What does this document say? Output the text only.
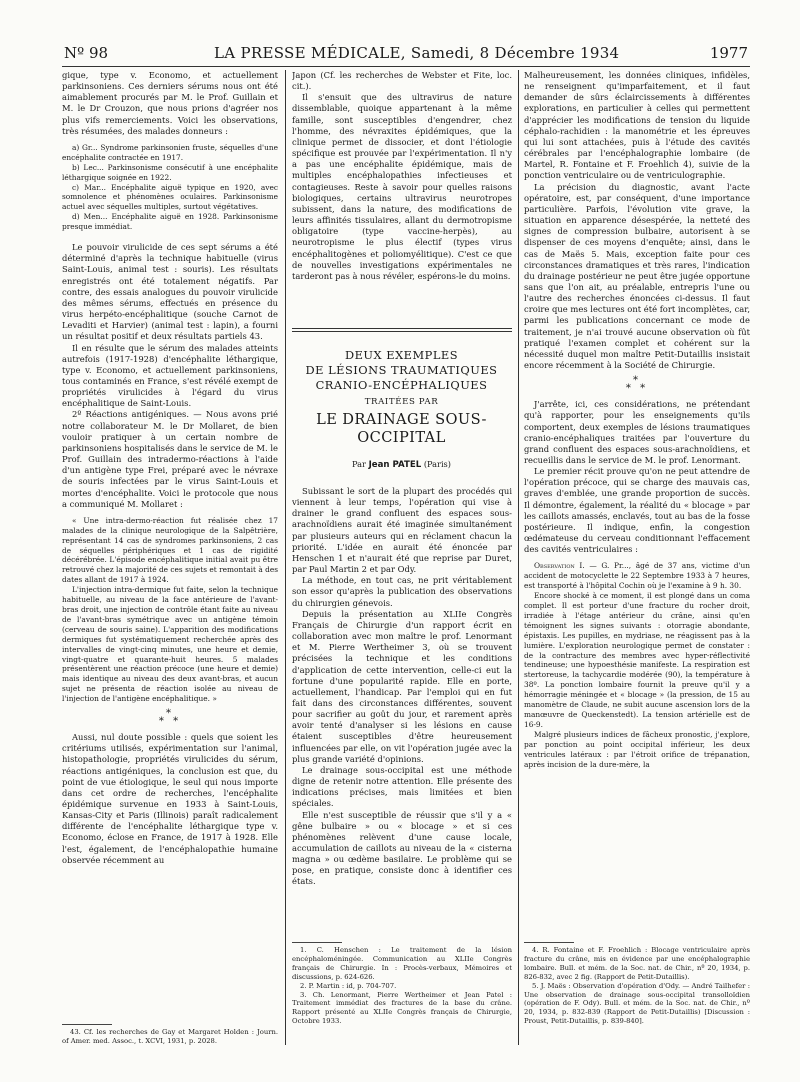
Nº 98	LA PRESSE MÉDICALE, Samedi, 8 Décembre 1934	1977

gique, type v. Economo, et actuellement parkinsoniens. Ces derniers sérums nous ont été aimablement procurés par M. le Prof. Guillain et M. le Dr Crouzon, que nous prions d'agréer nos plus vifs remerciements. Voici les observations, très résumées, des malades donneurs :

a) Gr... Syndrome parkinsonien fruste, séquelles d'une encéphalite contractée en 1917.

b) Lec... Parkinsonisme consécutif à une encéphalite léthargique soignée en 1922.

c) Mar... Encéphalite aiguë typique en 1920, avec somnolence et phénomènes oculaires. Parkinsonisme actuel avec séquelles multiples, surtout végétatives.

d) Men... Encéphalite aiguë en 1928. Parkinsonisme presque immédiat.

Le pouvoir virulicide de ces sept sérums a été déterminé d'après la technique habituelle (virus Saint-Louis, animal test : souris). Les résultats enregistrés ont été totalement négatifs. Par contre, des essais analogues du pouvoir virulicide des mêmes sérums, effectués en présence du virus herpéto-encéphalitique (souche Carnot de Levaditi et Harvier) (animal test : lapin), a fourni un résultat positif et deux résultats partiels 43.

Il en résulte que le sérum des malades atteints autrefois (1917-1928) d'encéphalite léthargique, type v. Economo, et actuellement parkinsoniens, tous contaminés en France, s'est révélé exempt de propriétés virulicides à l'égard du virus encéphalitique de Saint-Louis.

2º Réactions antigéniques. — Nous avons prié notre collaborateur M. le Dr Mollaret, de bien vouloir pratiquer à un certain nombre de parkinsoniens hospitalisés dans le service de M. le Prof. Guillain des intradermo-réactions à l'aide d'un antigène type Frei, préparé avec le névraxe de souris infectées par le virus Saint-Louis et mortes d'encéphalite. Voici le protocole que nous a communiqué M. Mollaret :

« Une intra-dermo-réaction fut réalisée chez 17 malades de la clinique neurologique de la Salpêtrière, représentant 14 cas de syndromes parkinsoniens, 2 cas de séquelles périphériques et 1 cas de rigidité décérébrée. L'épisode encéphalitique initial avait pu être retrouvé chez la majorité de ces sujets et remontait à des dates allant de 1917 à 1924.

L'injection intra-dermique fut faite, selon la technique habituelle, au niveau de la face antérieure de l'avant-bras droit, une injection de contrôle étant faite au niveau de l'avant-bras symétrique avec un antigène témoin (cerveau de souris saine). L'apparition des modifications dermiques fut systématiquement recherchée après des intervalles de vingt-cinq minutes, une heure et demie, vingt-quatre et quarante-huit heures. 5 malades présentèrent une réaction précoce (une heure et demie) mais identique au niveau des deux avant-bras, et aucun sujet ne présenta de réaction isolée au niveau de l'injection de l'antigène encéphalitique. »

*
* *

Aussi, nul doute possible : quels que soient les critériums utilisés, expérimentation sur l'animal, histopathologie, propriétés virulicides du sérum, réactions antigéniques, la conclusion est que, du point de vue étiologique, le seul qui nous importe dans cet ordre de recherches, l'encéphalite épidémique survenue en 1933 à Saint-Louis, Kansas-City et Paris (Illinois) paraît radicalement différente de l'encéphalite léthargique type v. Economo, éclose en France, de 1917 à 1928. Elle l'est, également, de l'encéphalopathie humaine observée récemment au

43. Cf. les recherches de Gay et Margaret Holden : Journ. of Amer. med. Assoc., t. XCVI, 1931, p. 2028.

Japon (Cf. les recherches de Webster et Fite, loc. cit.).

Il s'ensuit que des ultravirus de nature dissemblable, quoique appartenant à la même famille, sont susceptibles d'engendrer, chez l'homme, des névraxites épidémiques, que la clinique permet de dissocier, et dont l'étiologie spécifique est prouvée par l'expérimentation. Il n'y a pas une encéphalite épidémique, mais de multiples encéphalopathies infectieuses et contagieuses. Reste à savoir pour quelles raisons biologiques, certains ultravirus neurotropes subissent, dans la nature, des modifications de leurs affinités tissulaires, allant du dermotropisme obligatoire (type vaccine-herpès), au neurotropisme le plus électif (types virus encéphalitogènes et poliomyélitique). C'est ce que de nouvelles investigations expérimentales ne tarderont pas à nous révéler, espérons-le du moins.

DEUX EXEMPLES
DE LÉSIONS TRAUMATIQUES
CRANIO-ENCÉPHALIQUES
TRAITÉES PAR
LE DRAINAGE SOUS-OCCIPITAL
Par Jean PATEL (Paris)

Subissant le sort de la plupart des procédés qui viennent à leur temps, l'opération qui vise à drainer le grand confluent des espaces sous-arachnoïdiens aurait été imaginée simultanément par plusieurs auteurs qui en réclament chacun la priorité. L'idée en aurait été énoncée par Henschen 1 et n'aurait été que reprise par Duret, par Paul Martin 2 et par Ody.

La méthode, en tout cas, ne prit véritablement son essor qu'après la publication des observations du chirurgien génevois.

Depuis la présentation au XLIIe Congrès Français de Chirurgie d'un rapport écrit en collaboration avec mon maître le prof. Lenormant et M. Pierre Wertheimer 3, où se trouvent précisées la technique et les conditions d'application de cette intervention, celle-ci eut la fortune d'une popularité rapide. Elle en porte, actuellement, l'handicap. Par l'emploi qui en fut fait dans des circonstances différentes, souvent pour sacrifier au goût du jour, et rarement après avoir tenté d'analyser si les lésions en cause étaient susceptibles d'être heureusement influencées par elle, on vit l'opération jugée avec la plus grande variété d'opinions.

Le drainage sous-occipital est une méthode digne de retenir notre attention. Elle présente des indications précises, mais limitées et bien spéciales.

Elle n'est susceptible de réussir que s'il y a « gêne bulbaire » ou « blocage » et si ces phénomènes relèvent d'une cause locale, accumulation de caillots au niveau de la « cisterna magna » ou œdème basilaire. Le problème qui se pose, en pratique, consiste donc à identifier ces états.

1. C. Henschen : Le traitement de la lésion encéphaloméningée. Communication au XLIIe Congrès français de Chirurgie. In : Procès-verbaux, Mémoires et discussions, p. 624-626.

2. P. Martin : id, p. 704-707.

3. Ch. Lenormant, Pierre Wertheimer et Jean Patel : Traitement immédiat des fractures de la base du crâne. Rapport présenté au XLIIe Congrès français de Chirurgie, Octobre 1933.

Malheureusement, les données cliniques, infidèles, ne renseignent qu'imparfaitement, et il faut demander de sûrs éclaircissements à différentes explorations, en particulier à celles qui permettent d'apprécier les modifications de tension du liquide céphalo-rachidien : la manométrie et les épreuves qui lui sont attachées, puis à l'étude des cavités cérébrales par l'encéphalographie lombaire (de Martel, R. Fontaine et F. Froehlich 4), suivie de la ponction ventriculaire ou de ventriculographie.

La précision du diagnostic, avant l'acte opératoire, est, par conséquent, d'une importance particulière. Parfois, l'évolution vite grave, la situation en apparence désespérée, la netteté des signes de compression bulbaire, autorisent à se dispenser de ces moyens d'enquête; ainsi, dans le cas de Maës 5. Mais, exception faite pour ces circonstances dramatiques et très rares, l'indication du drainage postérieur ne peut être jugée opportune sans que l'on ait, au préalable, entrepris l'une ou l'autre des recherches énoncées ci-dessus. Il faut croire que mes lectures ont été fort incomplètes, car, parmi les publications concernant ce mode de traitement, je n'ai trouvé aucune observation où fût pratiqué l'examen complet et cohérent sur la nécessité duquel mon maître Petit-Dutaillis insistait encore récemment à la Société de Chirurgie.

*
* *

J'arrête, ici, ces considérations, ne prétendant qu'à rapporter, pour les enseignements qu'ils comportent, deux exemples de lésions traumatiques cranio-encéphaliques traitées par l'ouverture du grand confluent des espaces sous-arachnoïdiens, et recueillis dans le service de M. le prof. Lenormant.

Le premier récit prouve qu'on ne peut attendre de l'opération précoce, qui se charge des mauvais cas, graves d'emblée, une grande proportion de succès. Il démontre, également, la réalité du « blocage » par les caillots amassés, enclavés, tout au bas de la fosse postérieure. Il indique, enfin, la congestion œdémateuse du cerveau conditionnant l'effacement des cavités ventriculaires :

Observation I. — G. Pr..., âgé de 37 ans, victime d'un accident de motocyclette le 22 Septembre 1933 à 7 heures, est transporté à l'hôpital Cochin où je l'examine à 9 h. 30.

Encore shocké à ce moment, il est plongé dans un coma complet. Il est porteur d'une fracture du rocher droit, irradiée à l'étage antérieur du crâne, ainsi qu'en témoignent les signes suivants : otorragie abondante, épistaxis. Les pupilles, en mydriase, ne réagissent pas à la lumière. L'exploration neurologique permet de constater : de la contracture des membres avec hyper-réflectivité tendineuse; une hypoesthésie manifeste. La respiration est stertoreuse, la tachycardie modérée (90), la température à 38º. La ponction lombaire fournit la preuve qu'il y a hémorragie méningée et « blocage » (la pression, de 15 au manomètre de Claude, ne subit aucune ascension lors de la manœuvre de Queckenstedt). La tension artérielle est de 16-9.

Malgré plusieurs indices de fâcheux pronostic, j'explore, par ponction au point occipital inférieur, les deux ventricules latéraux : par l'étroit orifice de trépanation, après incision de la dure-mère, la

4. R. Fontaine et F. Froehlich : Blocage ventriculaire après fracture du crâne, mis en évidence par une encéphalographie lombaire. Bull. et mém. de la Soc. nat. de Chir., nº 20, 1934, p. 826-832, avec 2 fig. (Rapport de Petit-Dutaillis).

5. J. Maës : Observation d'opération d'Ody. — André Tailhefer : Une observation de drainage sous-occipital transolloïdien (opération de F. Ody). Bull. et mém. de la Soc. nat. de Chir., nº 20, 1934, p. 832-839 (Rapport de Petit-Dutaillis) [Discussion : Proust, Petit-Dutaillis, p. 839-840].
